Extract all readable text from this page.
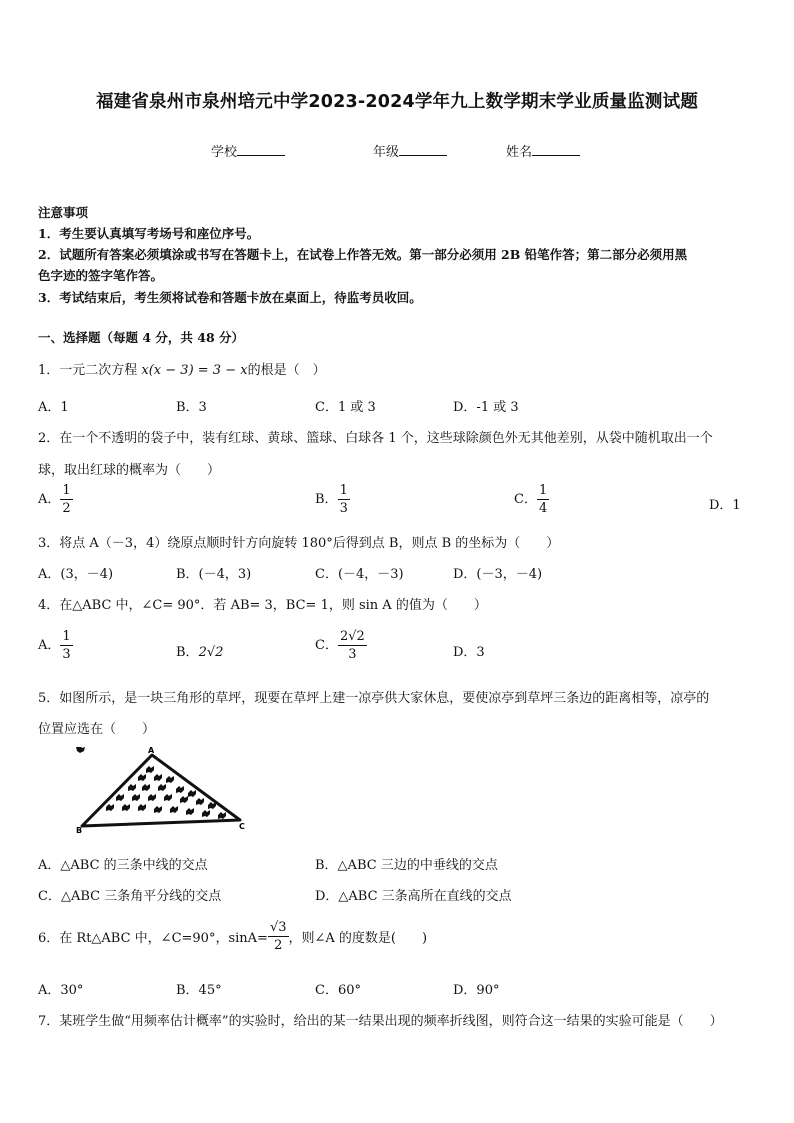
福建省泉州市泉州培元中学2023-2024学年九上数学期末学业质量监测试题
学校	年级	姓名
注意事项
1．考生要认真填写考场号和座位序号。
2．试题所有答案必须填涂或书写在答题卡上，在试卷上作答无效。第一部分必须用 2B 铅笔作答；第二部分必须用黑
色字迹的签字笔作答。
3．考试结束后，考生须将试卷和答题卡放在桌面上，待监考员收回。
一、选择题（每题 4 分，共 48 分）
1．一元二次方程 x(x − 3) = 3 − x的根是（　）
A．1	B．3	C．1 或 3	D．-1 或 3
2．在一个不透明的袋子中，装有红球、黄球、篮球、白球各 1 个，这些球除颜色外无其他差别，从袋中随机取出一个
球，取出红球的概率为（　　）
A． $\frac{1}{2}$	B． $\frac{1}{3}$	C． $\frac{1}{4}$	D．1
3．将点 A（－3，4）绕原点顺时针方向旋转 180°后得到点 B，则点 B 的坐标为（　　）
A．(3，－4)	B．(－4，3)	C．(－4，－3)	D．(－3，－4)
4．在△ABC 中，∠C= 90°．若 AB= 3，BC= 1，则 sin A 的值为（　　）
A． $\frac{1}{3}$	B．2√2	C． $\frac{2√2}{3}$	D．3
5．如图所示，是一块三角形的草坪，现要在草坪上建一凉亭供大家休息，要使凉亭到草坪三条边的距离相等，凉亭的
位置应选在（　　）
A
B	C
A．△ABC 的三条中线的交点	B．△ABC 三边的中垂线的交点
C．△ABC 三条角平分线的交点	D．△ABC 三条高所在直线的交点
6．在 Rt△ABC 中，∠C=90°，$\sin A= \frac{√3}{2}$ ，则∠A 的度数是(　　)
A．30°	B．45°	C．60°	D．90°
7．某班学生做“用频率估计概率”的实验时，给出的某一结果出现的频率折线图，则符合这一结果的实验可能是（　　）
